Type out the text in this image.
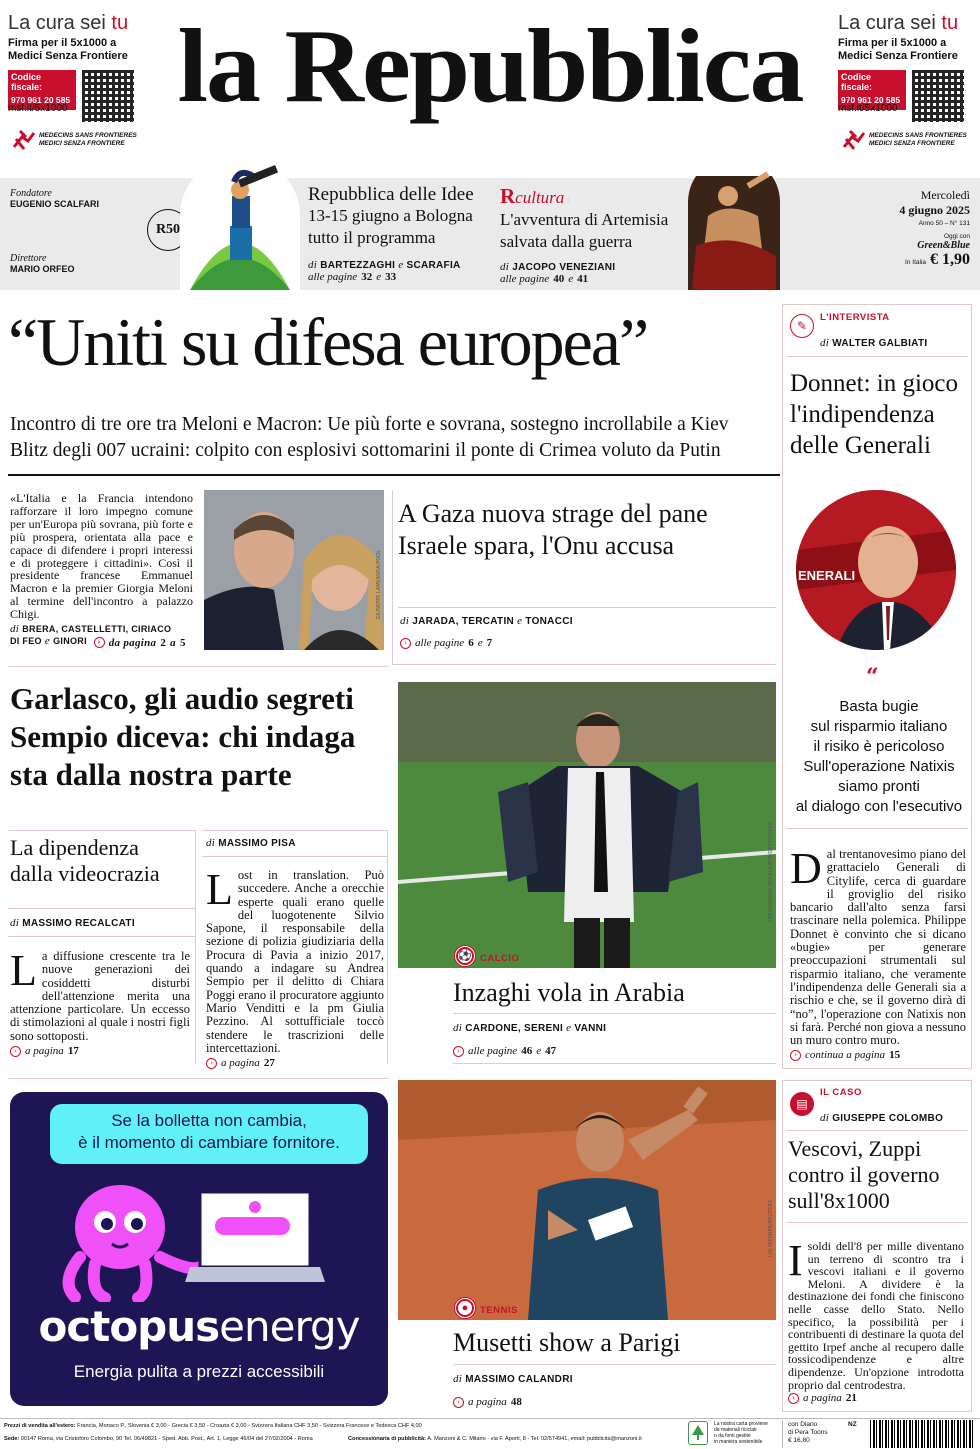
La cura sei tu
Firma per il 5x1000 a
Medici Senza Frontiere
Codice fiscale:
970 961 20 585
msf.it/5x1000
MEDECINS SANS FRONTIERES
MEDICI SENZA FRONTIERE
la Repubblica	La cura sei tu
Firma per il 5x1000 a
Medici Senza Frontiere
Codice fiscale:
970 961 20 585
msf.it/5x1000
MEDECINS SANS FRONTIERES
MEDICI SENZA FRONTIERE
Fondatore
EUGENIO SCALFARI
Direttore
MARIO ORFEO
R50
Repubblica delle Idee
13-15 giugno a Bologna
tutto il programma
di BARTEZZAGHI e SCARAFIA
alle pagine 32 e 33
Rcultura
L'avventura di Artemisia
salvata dalla guerra
di JACOPO VENEZIANI
alle pagine 40 e 41
Mercoledì
4 giugno 2025
Anno 50 – N° 131
Oggi con
Green&Blue
In Italia € 1,90
“Uniti su difesa europea”
Incontro di tre ore tra Meloni e Macron: Ue più forte e sovrana, sostegno incrollabile a Kiev
Blitz degli 007 ucraini: colpito con esplosivi sottomarini il ponte di Crimea voluto da Putin
«L'Italia e la Francia intendono rafforzare il loro impegno comune per un'Europa più sovrana, più forte e più prospera, orientata alla pace e capace di difendere i propri interessi e di proteggere i cittadini». Così il presidente francese Emmanuel Macron e la premier Giorgia Meloni al termine dell'incontro a palazzo Chigi.
di BRERA, CASTELLETTI, CIRIACO
DI FEO e GINORI	› da pagina 2 a 5
GIUSEPPE LAMI/ANSA/POOL
A Gaza nuova strage del pane
Israele spara, l'Onu accusa
di JARADA, TERCATIN e TONACCI
› alle pagine 6 e 7
✎
L'INTERVISTA
di WALTER GALBIATI
Donnet: in gioco
l'indipendenza
delle Generali
ENERALI
“
Basta bugie
sul risparmio italiano
il risiko è pericoloso
Sull'operazione Natixis
siamo pronti
al dialogo con l'esecutivo
Dal trentanovesimo piano del grattacielo Generali di Citylife, cerca di guardare il groviglio del risiko bancario dall'alto senza farsi trascinare nella polemica. Philippe Donnet è convinto che si dicano «bugie» per generare preoccupazioni strumentali sul risparmio italiano, che veramente l'indipendenza delle Generali sia a rischio e che, se il governo dirà di “no”, l'operazione con Natixis non si farà. Perché non giova a nessuno un muro contro muro.
› continua a pagina 15
Garlasco, gli audio segreti
Sempio diceva: chi indaga
sta dalla nostra parte
La dipendenza
dalla videocrazia
di MASSIMO RECALCATI
La diffusione crescente tra le nuove generazioni dei cosiddetti disturbi dell'attenzione merita una attenzione particolare. Un eccesso di stimolazioni al quale i nostri figli sono sottoposti.
› a pagina 17
di MASSIMO PISA
Lost in translation. Può succedere. Anche a orecchie esperte quali erano quelle del luogotenente Silvio Sapone, il responsabile della sezione di polizia giudiziaria della Procura di Pavia a inizio 2017, quando a indagare su Andrea Sempio per il delitto di Chiara Poggi erano il procuratore aggiunto Mario Venditti e la pm Giulia Pezzino. Al sottufficiale toccò stendere le trascrizioni delle intercettazioni.
› a pagina 27
FREDDIMANN VOGEL/UEFA/GETTY/CASA
⚽ CALCIO
Inzaghi vola in Arabia
di CARDONE, SERENI e VANNI
› alle pagine 46 e 47
Se la bolletta non cambia,
è il momento di cambiare fornitore.
octopusenergy
Energia pulita a prezzi accessibili
LISI NIESNER/REUTERS
●	TENNIS
Musetti show a Parigi
di MASSIMO CALANDRI
› a pagina 48
▤
IL CASO
di GIUSEPPE COLOMBO
Vescovi, Zuppi
contro il governo
sull'8x1000
I soldi dell'8 per mille diventano un terreno di scontro tra i vescovi italiani e il governo Meloni. A dividere è la destinazione dei fondi che finiscono nelle casse dello Stato. Nello specifico, la possibilità per i contribuenti di destinare la quota del gettito Irpef anche al recupero dalle tossicodipendenze e altre dipendenze. Un'opzione introdotta proprio dal centrodestra.
› a pagina 21
Prezzi di vendita all'estero: Francia, Monaco P., Slovenia € 3,00 - Grecia € 3,50 - Croazia € 3,00 - Svizzera Italiana CHF 3,50 - Svizzera Francese e Tedesca CHF 4,00
Sede: 00147 Roma, via Cristoforo Colombo, 90 Tel. 06/49821 - Sped. Abb. Post., Art. 1, Legge 46/04 del 27/02/2004 - Roma	Concessionaria di pubblicità: A. Manzoni & C. Milano - via F. Aporti, 8 - Tel. 02/574941, email: pubblicita@manzoni.it
La nostra carta proviene
da materiali riciclati
o da fonti gestite
in maniera sostenibile
con Diario
di Pera Toons
€ 16,80
NZ
